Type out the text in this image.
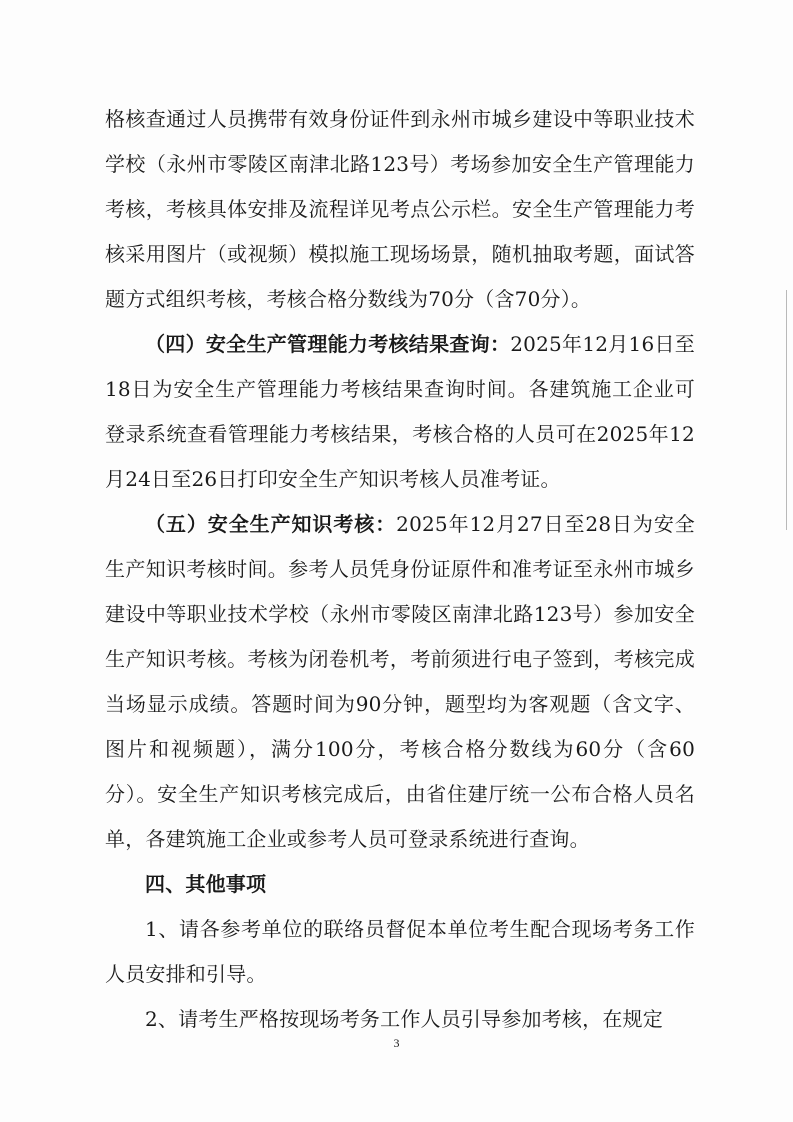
格核查通过人员携带有效身份证件到永州市城乡建设中等职业技术学校（永州市零陵区南津北路123号）考场参加安全生产管理能力考核，考核具体安排及流程详见考点公示栏。安全生产管理能力考核采用图片（或视频）模拟施工现场场景，随机抽取考题，面试答题方式组织考核，考核合格分数线为70分（含70分）。

（四）安全生产管理能力考核结果查询：2025年12月16日至18日为安全生产管理能力考核结果查询时间。各建筑施工企业可登录系统查看管理能力考核结果，考核合格的人员可在2025年12月24日至26日打印安全生产知识考核人员准考证。

（五）安全生产知识考核：2025年12月27日至28日为安全生产知识考核时间。参考人员凭身份证原件和准考证至永州市城乡建设中等职业技术学校（永州市零陵区南津北路123号）参加安全生产知识考核。考核为闭卷机考，考前须进行电子签到，考核完成当场显示成绩。答题时间为90分钟，题型均为客观题（含文字、图片和视频题），满分100分，考核合格分数线为60分（含60分）。安全生产知识考核完成后，由省住建厅统一公布合格人员名单，各建筑施工企业或参考人员可登录系统进行查询。

四、其他事项

1、请各参考单位的联络员督促本单位考生配合现场考务工作人员安排和引导。

2、请考生严格按现场考务工作人员引导参加考核，在规定

3
